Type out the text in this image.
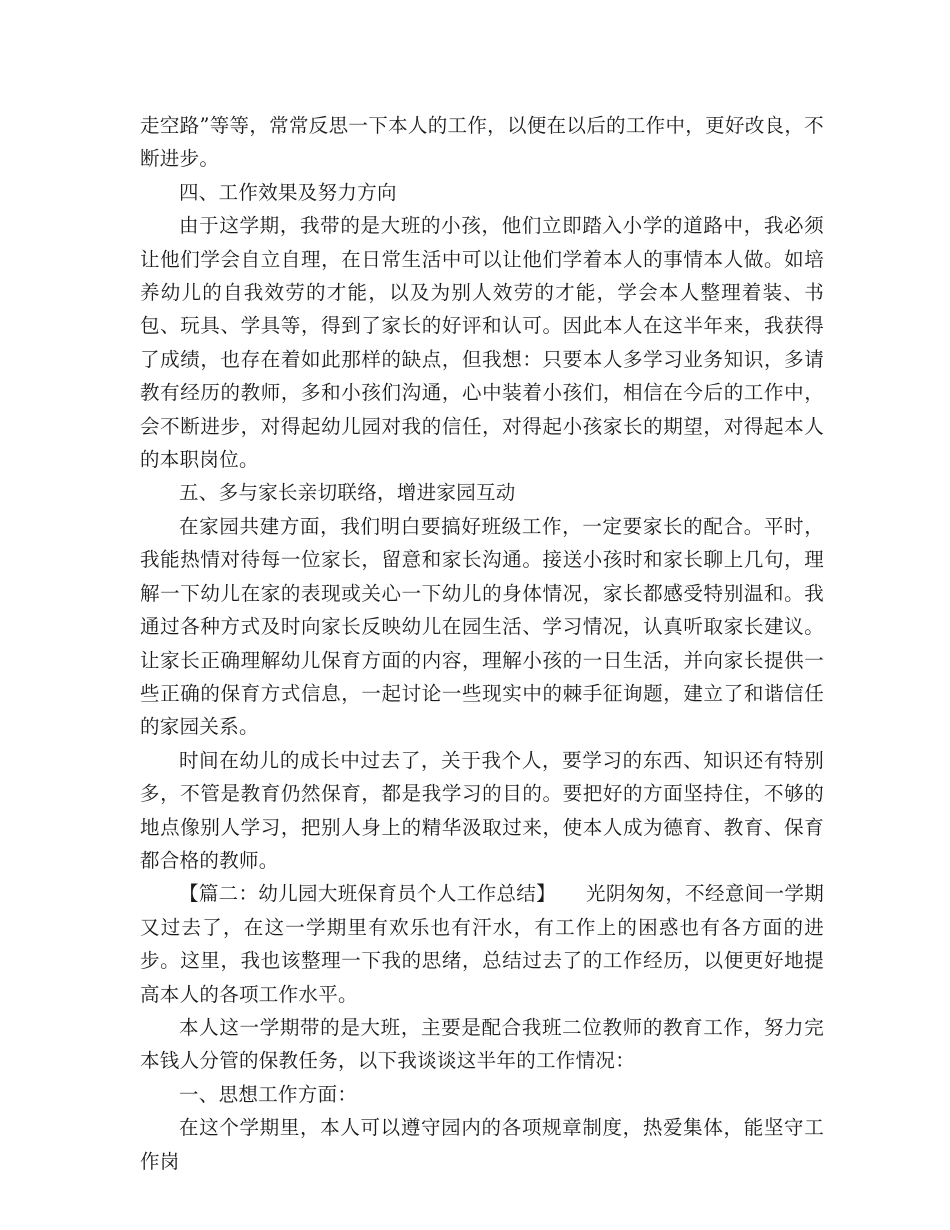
走空路”等等，常常反思一下本人的工作，以便在以后的工作中，更好改良，不断进步。

四、工作效果及努力方向

由于这学期，我带的是大班的小孩，他们立即踏入小学的道路中，我必须让他们学会自立自理，在日常生活中可以让他们学着本人的事情本人做。如培养幼儿的自我效劳的才能，以及为别人效劳的才能，学会本人整理着装、书包、玩具、学具等，得到了家长的好评和认可。因此本人在这半年来，我获得了成绩，也存在着如此那样的缺点，但我想：只要本人多学习业务知识，多请教有经历的教师，多和小孩们沟通，心中装着小孩们，相信在今后的工作中，会不断进步，对得起幼儿园对我的信任，对得起小孩家长的期望，对得起本人的本职岗位。

五、多与家长亲切联络，增进家园互动

在家园共建方面，我们明白要搞好班级工作，一定要家长的配合。平时，我能热情对待每一位家长，留意和家长沟通。接送小孩时和家长聊上几句，理解一下幼儿在家的表现或关心一下幼儿的身体情况，家长都感受特别温和。我通过各种方式及时向家长反映幼儿在园生活、学习情况，认真听取家长建议。让家长正确理解幼儿保育方面的内容，理解小孩的一日生活，并向家长提供一些正确的保育方式信息，一起讨论一些现实中的棘手征询题，建立了和谐信任的家园关系。

时间在幼儿的成长中过去了，关于我个人，要学习的东西、知识还有特别多，不管是教育仍然保育，都是我学习的目的。要把好的方面坚持住，不够的地点像别人学习，把别人身上的精华汲取过来，使本人成为德育、教育、保育都合格的教师。

【篇二：幼儿园大班保育员个人工作总结】 光阴匆匆，不经意间一学期又过去了，在这一学期里有欢乐也有汗水，有工作上的困惑也有各方面的进步。这里，我也该整理一下我的思绪，总结过去了的工作经历，以便更好地提高本人的各项工作水平。

本人这一学期带的是大班，主要是配合我班二位教师的教育工作，努力完本钱人分管的保教任务，以下我谈谈这半年的工作情况：

一、思想工作方面：

在这个学期里，本人可以遵守园内的各项规章制度，热爱集体，能坚守工作岗
